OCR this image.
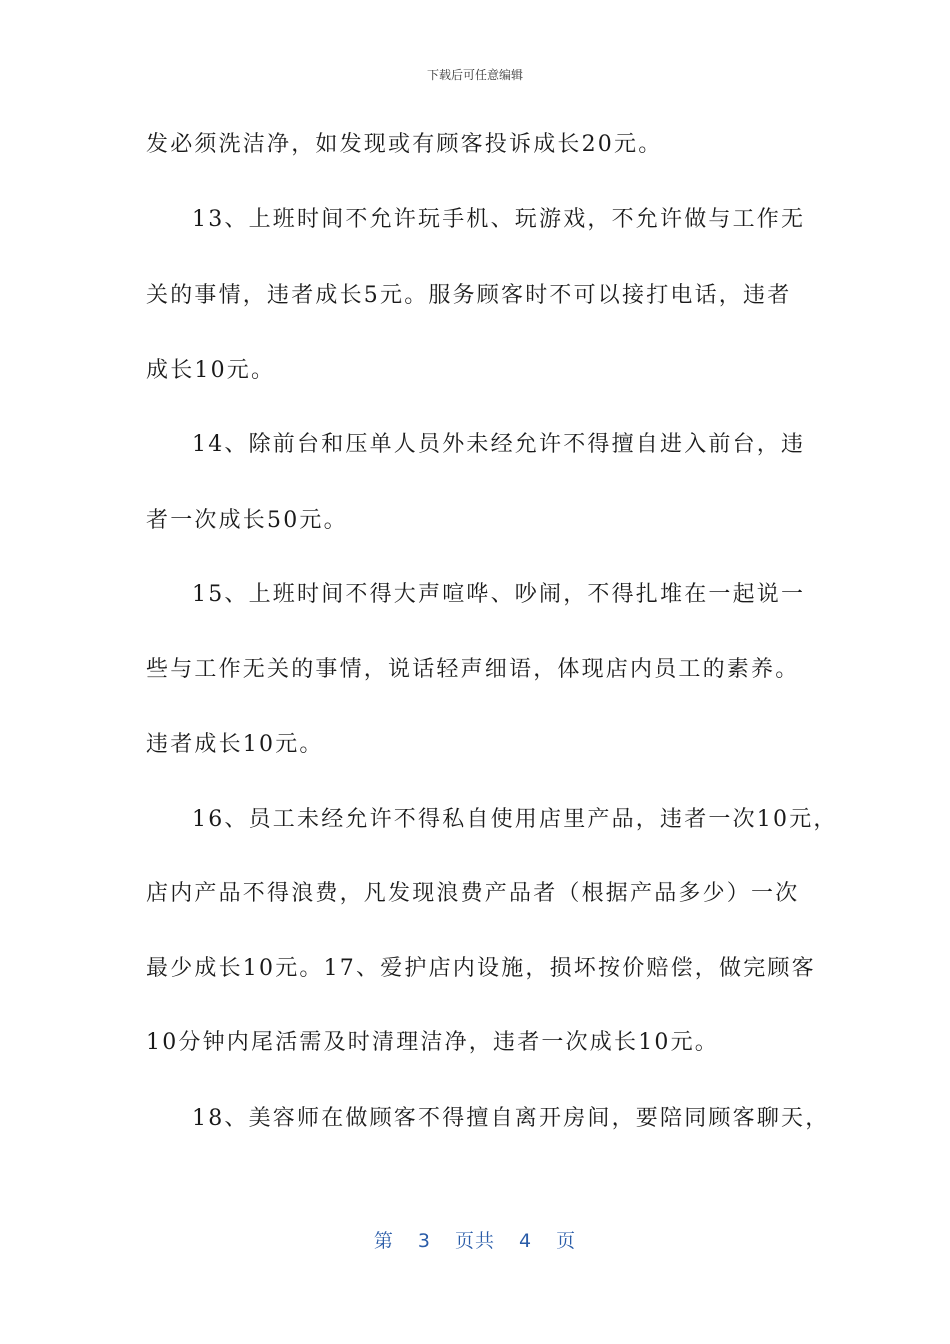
下载后可任意编辑
发必须洗洁净，如发现或有顾客投诉成长20元。
13、上班时间不允许玩手机、玩游戏，不允许做与工作无
关的事情，违者成长5元。服务顾客时不可以接打电话，违者
成长10元。
14、除前台和压单人员外未经允许不得擅自进入前台，违
者一次成长50元。
15、上班时间不得大声喧哗、吵闹，不得扎堆在一起说一
些与工作无关的事情，说话轻声细语，体现店内员工的素养。
违者成长10元。
16、员工未经允许不得私自使用店里产品，违者一次10元，
店内产品不得浪费，凡发现浪费产品者（根据产品多少）一次
最少成长10元。17、爱护店内设施，损坏按价赔偿，做完顾客
10分钟内尾活需及时清理洁净，违者一次成长10元。
18、美容师在做顾客不得擅自离开房间，要陪同顾客聊天，
第 3 页共 4 页
